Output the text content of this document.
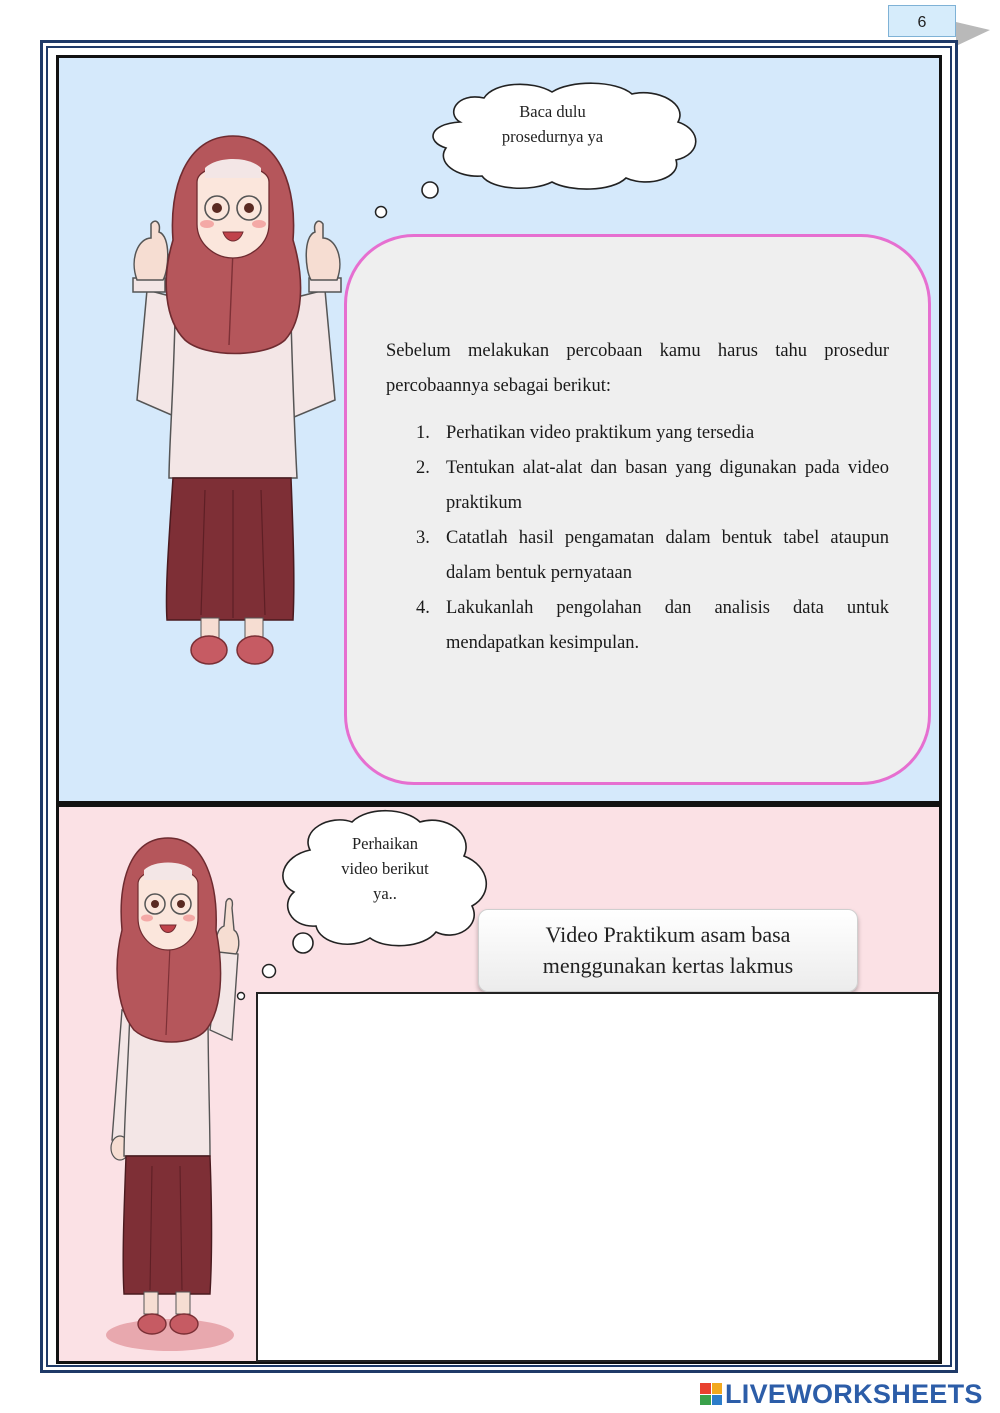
6
Baca dulu
prosedurnya ya

Sebelum melakukan percobaan kamu harus tahu prosedur percobaannya sebagai berikut:

1. Perhatikan video praktikum yang tersedia
2. Tentukan alat-alat dan basan yang digunakan pada video praktikum
3. Catatlah hasil pengamatan dalam bentuk tabel ataupun dalam bentuk pernyataan
4. Lakukanlah pengolahan dan analisis data untuk mendapatkan kesimpulan.
Perhaikan
video berikut
ya..
Video Praktikum asam basa
menggunakan kertas lakmus
LIVEWORKSHEETS
